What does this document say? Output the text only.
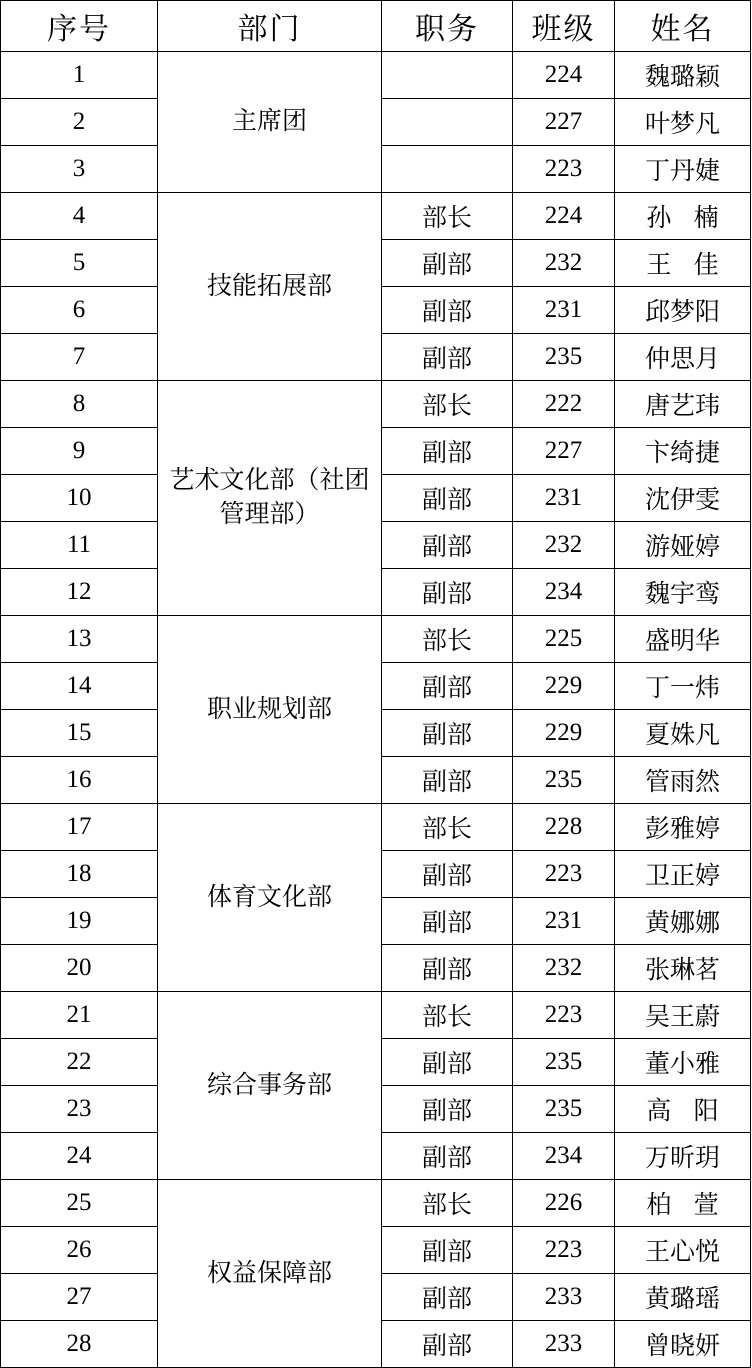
序号	部门	职务	班级	姓名
1	主席团		224	魏璐颖
2			227	叶梦凡
3			223	丁丹婕
4	技能拓展部	部长	224	孙 楠
5		副部	232	王 佳
6		副部	231	邱梦阳
7		副部	235	仲思月
8	艺术文化部（社团管理部）	部长	222	唐艺玮
9		副部	227	卞绮捷
10		副部	231	沈伊雯
11		副部	232	游娅婷
12		副部	234	魏宇鸾
13	职业规划部	部长	225	盛明华
14		副部	229	丁一炜
15		副部	229	夏姝凡
16		副部	235	管雨然
17	体育文化部	部长	228	彭雅婷
18		副部	223	卫正婷
19		副部	231	黄娜娜
20		副部	232	张琳茗
21	综合事务部	部长	223	吴王蔚
22		副部	235	董小雅
23		副部	235	高 阳
24		副部	234	万昕玥
25	权益保障部	部长	226	柏 萱
26		副部	223	王心悦
27		副部	233	黄璐瑶
28		副部	233	曾晓妍
